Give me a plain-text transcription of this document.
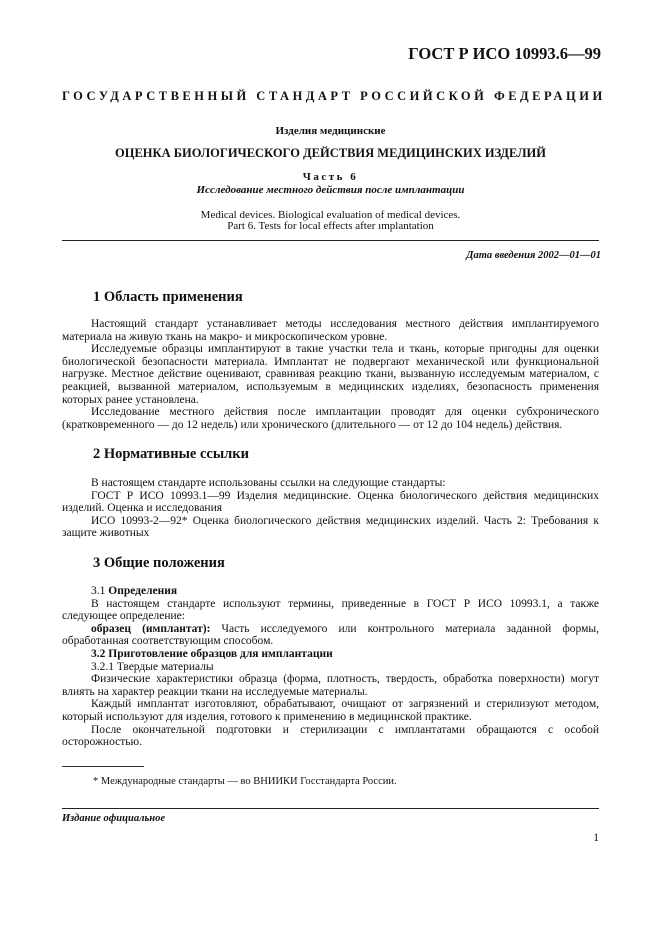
ГОСТ Р ИСО 10993.6—99
ГОСУДАРСТВЕННЫЙ СТАНДАРТ РОССИЙСКОЙ ФЕДЕРАЦИИ
Изделия медицинские
ОЦЕНКА БИОЛОГИЧЕСКОГО ДЕЙСТВИЯ МЕДИЦИНСКИХ ИЗДЕЛИЙ
Часть 6
Исследование местного действия после имплантации
Medical devices. Biological evaluation of medical devices.
Part 6. Tests for local effects after ımplantation
Дата введения 2002—01—01
1 Область применения

Настоящий стандарт устанавливает методы исследования местного действия имплантируемого материала на живую ткань на макро- и микроскопическом уровне.

Исследуемые образцы имплантируют в такие участки тела и ткань, которые пригодны для оценки биологической безопасности материала. Имплантат не подвергают механической или функциональной нагрузке. Местное действие оценивают, сравнивая реакцию ткани, вызванную исследуемым материалом, с реакцией, вызванной материалом, используемым в медицинских изделиях, безопасность применения которых ранее установлена.

Исследование местного действия после имплантации проводят для оценки субхронического (кратковременного — до 12 недель) или хронического (длительного — от 12 до 104 недель) действия.

2 Нормативные ссылки

В настоящем стандарте использованы ссылки на следующие стандарты:

ГОСТ Р ИСО 10993.1—99 Изделия медицинские. Оценка биологического действия медицинских изделий. Оценка и исследования

ИСО 10993-2—92* Оценка биологического действия медицинских изделий. Часть 2: Требования к защите животных

3 Общие положения

3.1 Определения

В настоящем стандарте используют термины, приведенные в ГОСТ Р ИСО 10993.1, а также следующее определение:

образец (имплантат): Часть исследуемого или контрольного материала заданной формы, обработанная соответствующим способом.

3.2 Приготовление образцов для имплантации

3.2.1 Твердые материалы

Физические характеристики образца (форма, плотность, твердость, обработка поверхности) могут влиять на характер реакции ткани на исследуемые материалы.

Каждый имплантат изготовляют, обрабатывают, очищают от загрязнений и стерилизуют методом, который используют для изделия, готового к применению в медицинской практике.

После окончательной подготовки и стерилизации с имплантатами обращаются с особой осторожностью.

* Международные стандарты — во ВНИИКИ Госстандарта России.
Издание официальное
1
